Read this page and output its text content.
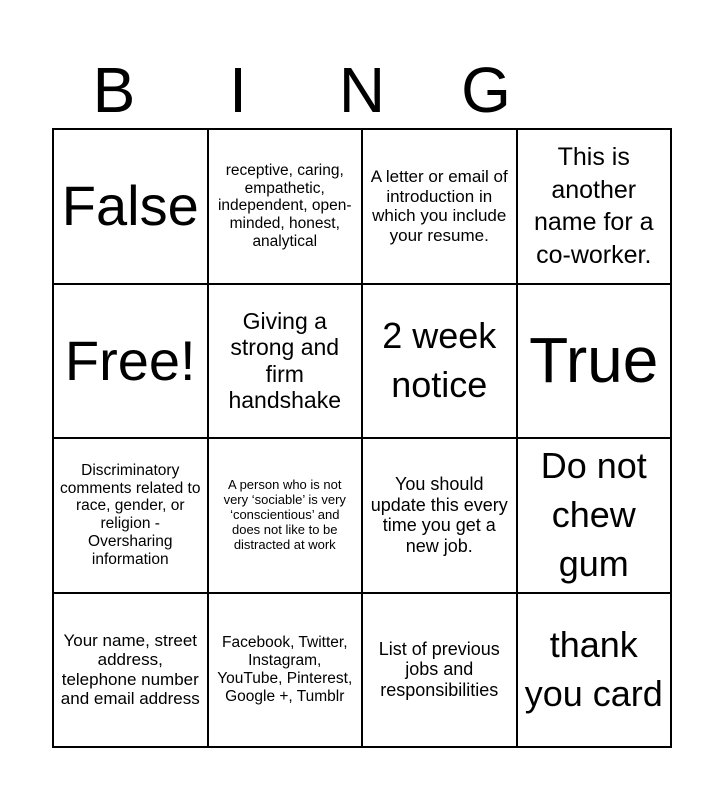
B	I	N	G
False
receptive, caring, empathetic, independent, open-minded, honest, analytical
A letter or email of introduction in which you include your resume.
This is another name for a co-worker.
Free!
Giving a strong and firm handshake
2 week notice True
Discriminatory comments related to race, gender, or religion - Oversharing information
A person who is not very ‘sociable’ is very ‘conscientious’ and does not like to be distracted at work
You should update this every time you get a new job.
Do not chew gum
Your name, street address, telephone number and email address
Facebook, Twitter, Instagram, YouTube, Pinterest, Google +, Tumblr
List of previous jobs and responsibilities
thank you card
